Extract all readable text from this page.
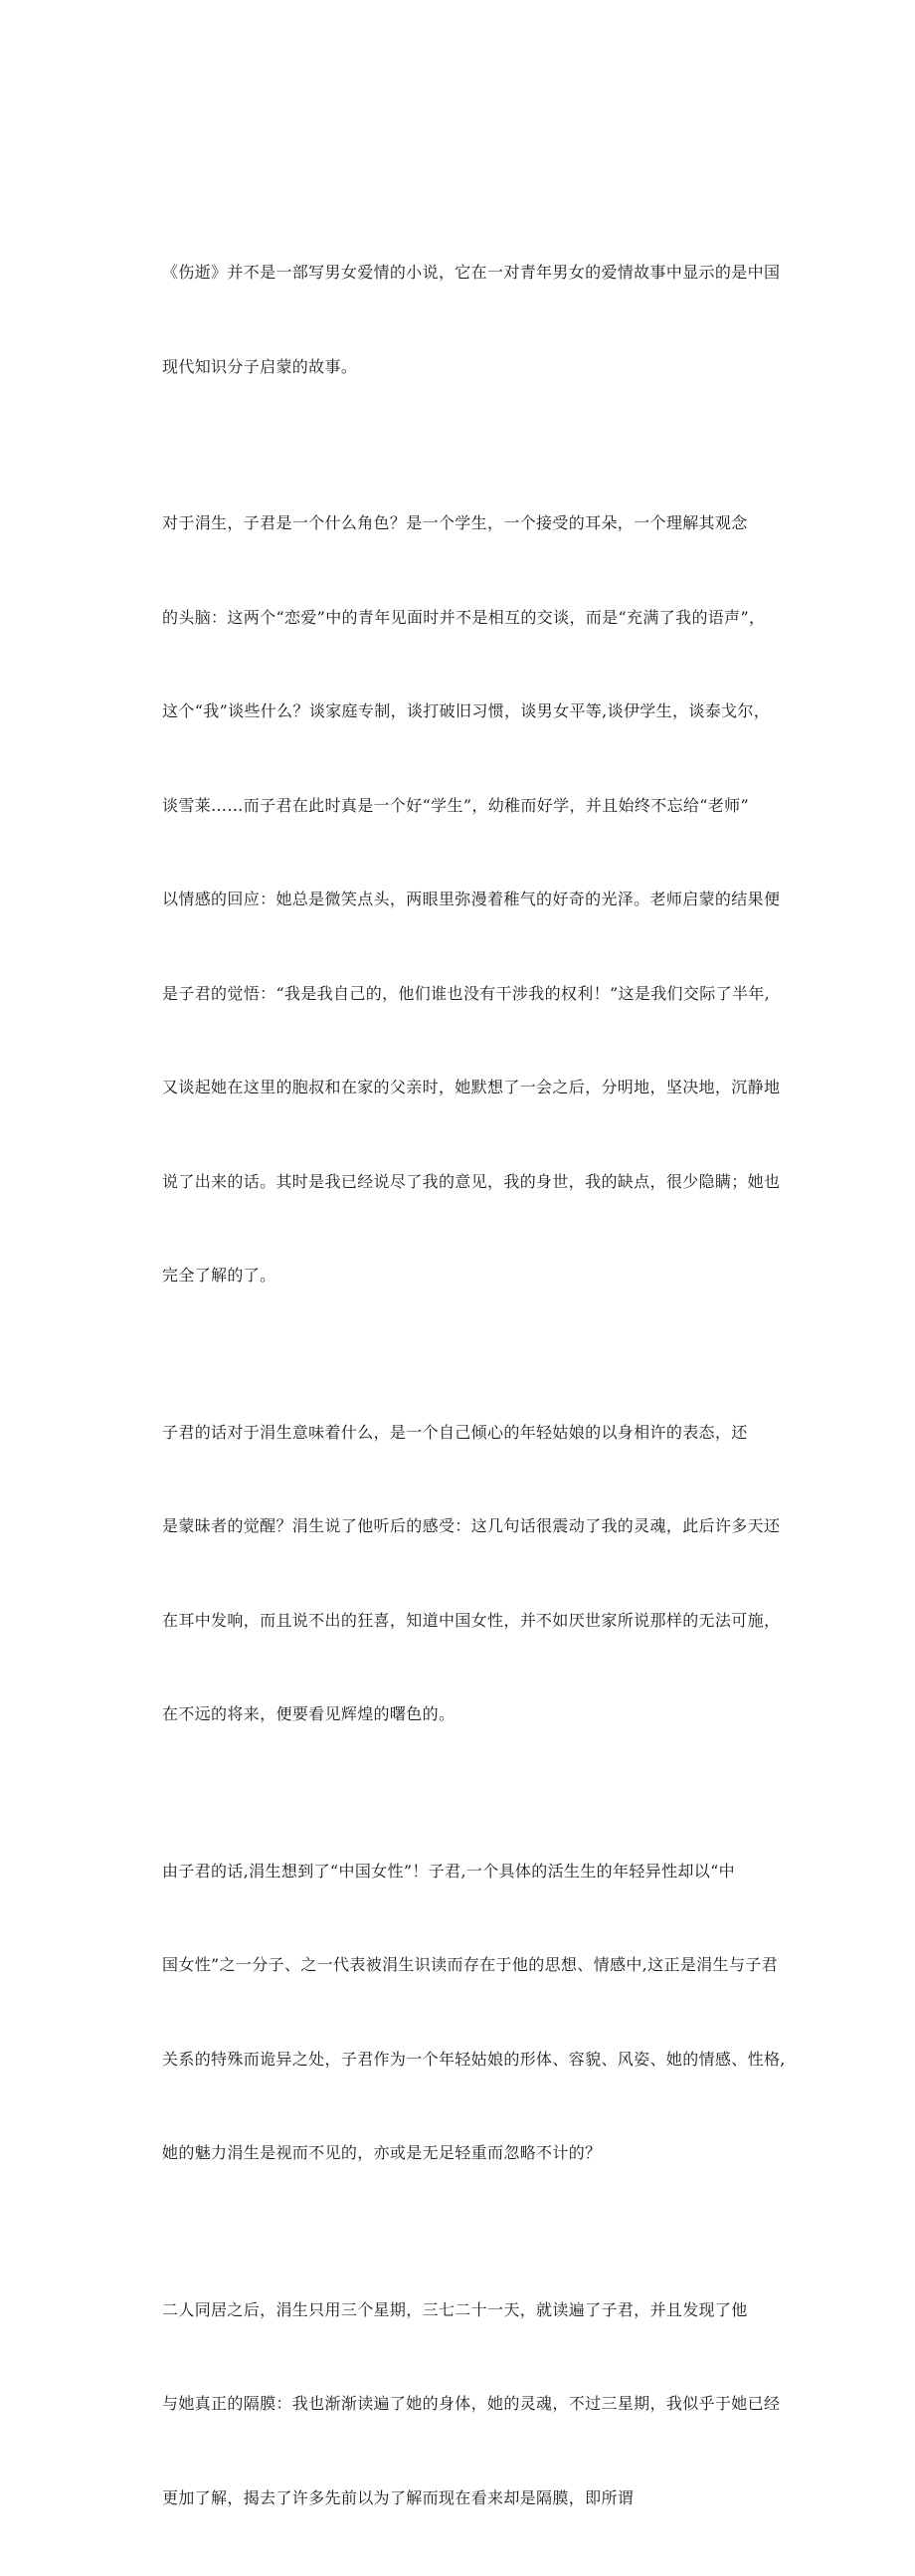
《伤逝》并不是一部写男女爱情的小说，它在一对青年男女的爱情故事中显示的是中国

现代知识分子启蒙的故事。

对于涓生，子君是一个什么角色？是一个学生，一个接受的耳朵，一个理解其观念

的头脑：这两个“恋爱”中的青年见面时并不是相互的交谈，而是“充满了我的语声”，

这个“我”谈些什么？谈家庭专制，谈打破旧习惯，谈男女平等,谈伊学生，谈泰戈尔，

谈雪莱……而子君在此时真是一个好“学生”，幼稚而好学，并且始终不忘给“老师”

以情感的回应：她总是微笑点头，两眼里弥漫着稚气的好奇的光泽。老师启蒙的结果便

是子君的觉悟：“我是我自己的，他们谁也没有干涉我的权利！”这是我们交际了半年,

又谈起她在这里的胞叔和在家的父亲时，她默想了一会之后，分明地，坚决地，沉静地

说了出来的话。其时是我已经说尽了我的意见，我的身世，我的缺点，很少隐瞒；她也

完全了解的了。

子君的话对于涓生意味着什么，是一个自己倾心的年轻姑娘的以身相许的表态，还

是蒙昧者的觉醒？涓生说了他听后的感受：这几句话很震动了我的灵魂，此后许多天还

在耳中发响，而且说不出的狂喜，知道中国女性，并不如厌世家所说那样的无法可施，

在不远的将来，便要看见辉煌的曙色的。

由子君的话,涓生想到了“中国女性”！子君,一个具体的活生生的年轻异性却以“中

国女性”之一分子、之一代表被涓生识读而存在于他的思想、情感中,这正是涓生与子君

关系的特殊而诡异之处，子君作为一个年轻姑娘的形体、容貌、风姿、她的情感、性格,

她的魅力涓生是视而不见的，亦或是无足轻重而忽略不计的？

二人同居之后，涓生只用三个星期，三七二十一天，就读遍了子君，并且发现了他

与她真正的隔膜：我也渐渐读遍了她的身体，她的灵魂，不过三星期，我似乎于她已经

更加了解，揭去了许多先前以为了解而现在看来却是隔膜，即所谓
